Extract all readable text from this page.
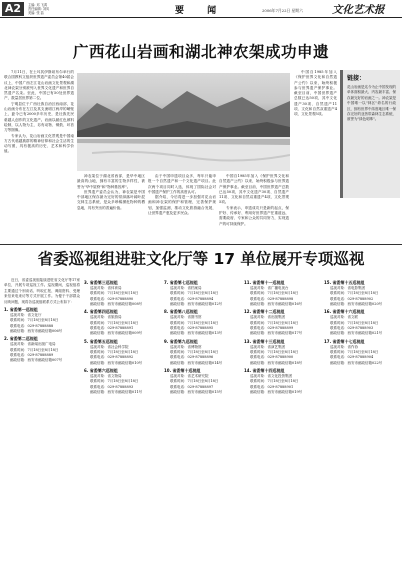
A2	主编: 邓 飞鸿
责任编辑: 刘凤
美编: 张 喆	要 闻	2006年7月22日 星期六	文化艺术报
广西花山岩画和湖北神农架成功申遗

7月11日，在土耳其伊斯坦布尔举行的联合国教科文组织世界遗产委员会第40届会议上，中国广西左江花山岩画文化景观和湖北神农架分别被列入世界文化遗产和世界自然遗产名录。至此，中国已有50处世界遗产，数量居世界第二位。

宁明县位于广西壮族自治区西南部，花山岩画分布在左江及其支流明江两岸的峭壁上，距今已有2000多年历史，是壮族先民骆越人创作的文化遗产。岩画以赭红色颜料绘制，以人物为主，另有动物、铜鼓、环首刀等图像。

专家认为，花山岩画文化景观是中国南方古代骆越族群的精神信仰和社会生活的生动写照，具有极高的历史、艺术和科学价值。

神农架位于湖北省西部，是华中地区最高的山地，拥有丰富的生物多样性，被誉为"华中屋脊"和"物种基因库"。

世界遗产委员会认为，神农架是中国中部地区保存最为完好的常绿落叶阔叶混交林生态系统，是众多珍稀濒危物种的栖息地，具有突出的普遍价值。

由于中国申遗项目众多，每年只能申报一个自然遗产和一个文化遗产项目。此次两个项目同时入选，体现了国际社会对中国遗产保护工作的高度认可。

据介绍，今后将进一步加强对花山岩画和神农架的保护和管理，完善保护规划，加强监测，推动文化旅游融合发展，让世界遗产惠及更多民众。

中国自1985年加入《保护世界文化和自然遗产公约》以来，始终积极参与世界遗产保护事业。截至目前，中国世界遗产总数已达50项，其中文化遗产30项、自然遗产11项、文化和自然双重遗产4项、文化景观5项。

专家表示，申遗成功只是新的起点，保护好、传承好、利用好世界遗产任重道远，需要政府、专家和公众的共同努力，实现遗产的可持续保护。

中国自1985年加入《保护世界文化和自然遗产公约》以来，始终积极参与世界遗产保护事业。截至目前，中国世界遗产总数已达50项，其中文化遗产30项、自然遗产11项、文化和自然双重遗产4项、文化景观5项。

链接：
花山岩画是迄今为止中国发现的单体面积最大、内容最丰富、保存最完好的岩画之一。神农架是中国唯一以"林区"命名的行政区，拥有世界中纬度地区唯一保存完好的亚热带森林生态系统，被誉为"绿色明珠"。
省委巡视组进驻文化厅等 17 单位展开专项巡视

近日，省委巡视组陆续进驻省文化厅等17家单位，开展专项巡视工作。巡视期间，巡视组将主要通过个别谈话、听取汇报、调阅资料、受理来信来电来访等方式开展工作。为便于干部群众反映问题，现将各巡视组联系方式公布如下：

1. 省委第一巡视组
巡视对象：省文化厅
联系时间：7月18日至8月18日
联系电话：029-87888888
邮政信箱：西安市邮政信箱006号
2. 省委第二巡视组
巡视对象：省新闻出版广电局
联系时间：7月18日至8月18日
联系电话：029-87888889
邮政信箱：西安市邮政信箱007号
3. 省委第三巡视组
巡视对象：省体育局
联系时间：7月18日至8月18日
联系电话：029-87888890
邮政信箱：西安市邮政信箱008号
4. 省委第四巡视组
巡视对象：省旅游局
联系时间：7月18日至8月18日
联系电话：029-87888891
邮政信箱：西安市邮政信箱009号
5. 省委第五巡视组
巡视对象：省社会科学院
联系时间：7月18日至8月18日
联系电话：029-87888892
邮政信箱：西安市邮政信箱010号
6. 省委第六巡视组
巡视对象：省文物局
联系时间：7月18日至8月18日
联系电话：029-87888893
邮政信箱：西安市邮政信箱011号
7. 省委第七巡视组
巡视对象：省档案局
联系时间：7月18日至8月18日
联系电话：029-87888894
邮政信箱：西安市邮政信箱012号
8. 省委第八巡视组
巡视对象：省图书馆
联系时间：7月18日至8月18日
联系电话：029-87888895
邮政信箱：西安市邮政信箱013号
9. 省委第九巡视组
巡视对象：省博物馆
联系时间：7月18日至8月18日
联系电话：029-87888896
邮政信箱：西安市邮政信箱014号
10. 省委第十巡视组
巡视对象：省艺术研究院
联系时间：7月18日至8月18日
联系电话：029-87888897
邮政信箱：西安市邮政信箱015号
11. 省委第十一巡视组
巡视对象：省广播电视台
联系时间：7月18日至8月18日
联系电话：029-87888898
邮政信箱：西安市邮政信箱016号
12. 省委第十二巡视组
巡视对象：省出版集团
联系时间：7月18日至8月18日
联系电话：029-87888899
邮政信箱：西安市邮政信箱017号
13. 省委第十三巡视组
巡视对象：省演艺集团
联系时间：7月18日至8月18日
联系电话：029-87888900
邮政信箱：西安市邮政信箱018号
14. 省委第十四巡视组
巡视对象：省文化投资集团
联系时间：7月18日至8月18日
联系电话：029-87888901
邮政信箱：西安市邮政信箱019号
15. 省委第十五巡视组
巡视对象：省电影集团
联系时间：7月18日至8月18日
联系电话：029-87888902
邮政信箱：西安市邮政信箱020号
16. 省委第十六巡视组
巡视对象：省文联
联系时间：7月18日至8月18日
联系电话：029-87888903
邮政信箱：西安市邮政信箱021号
17. 省委第十七巡视组
巡视对象：省作协
联系时间：7月18日至8月18日
联系电话：029-87888904
邮政信箱：西安市邮政信箱022号
